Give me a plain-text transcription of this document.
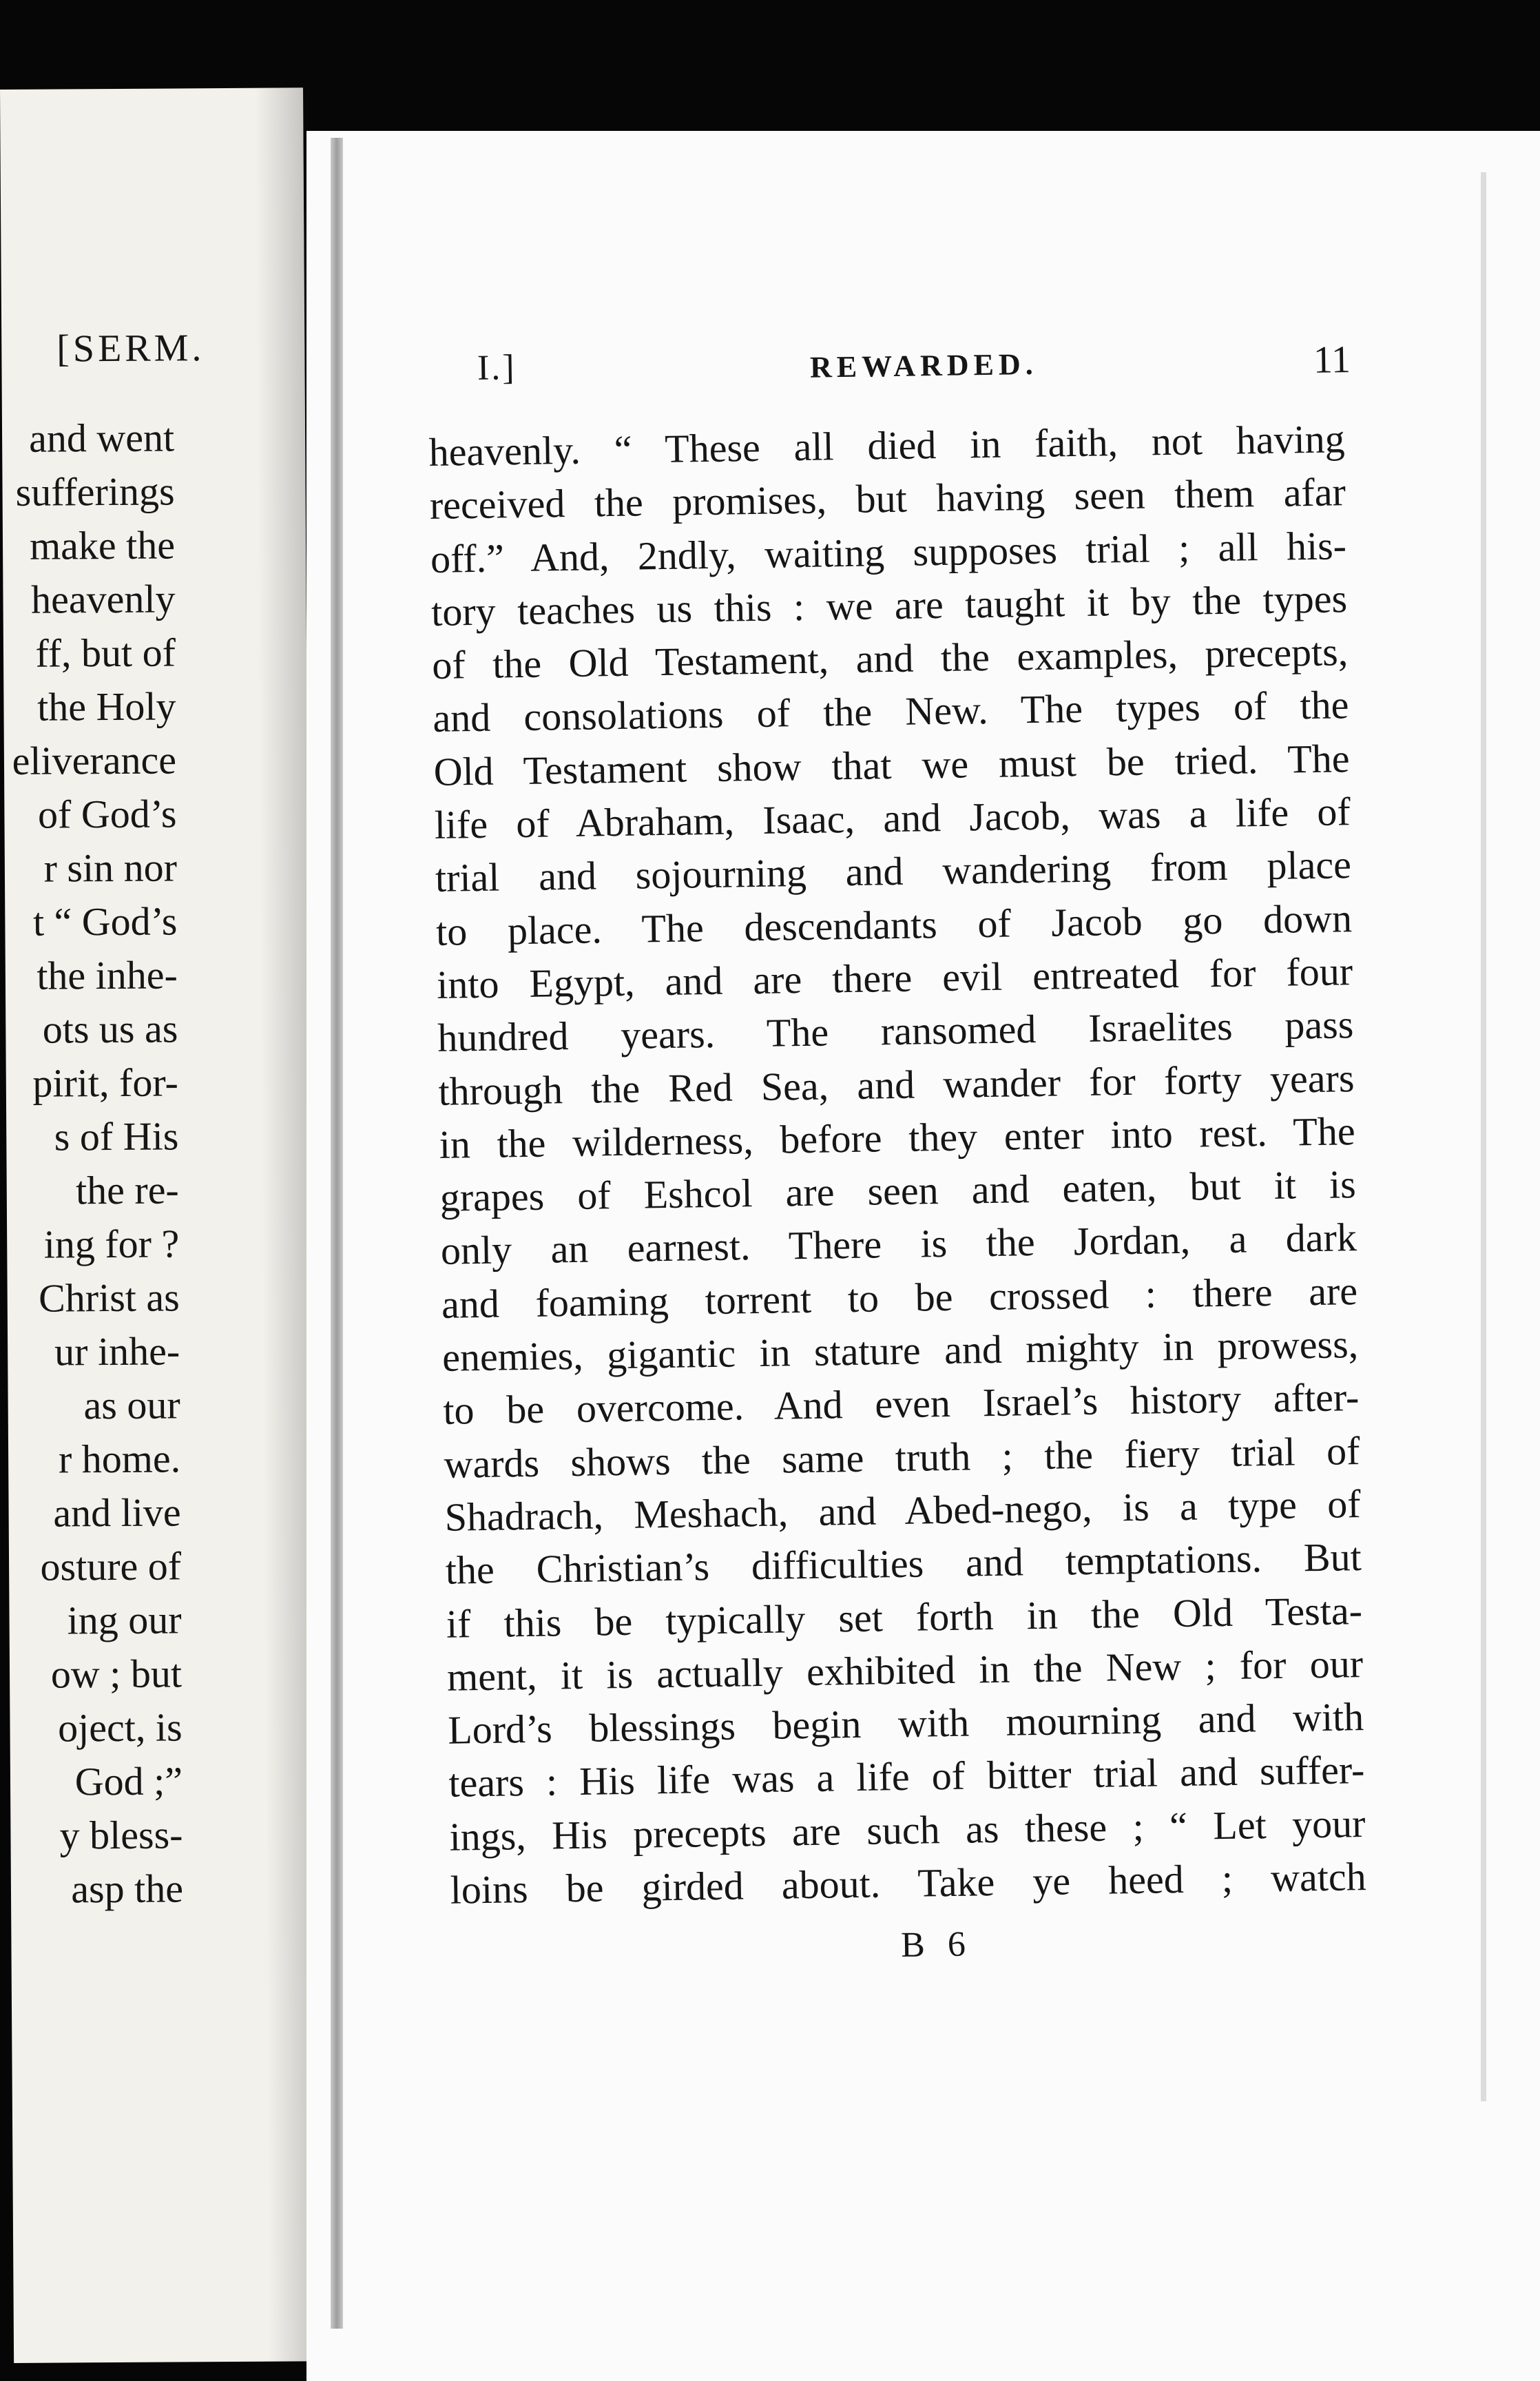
[SERM.
and went
sufferings
make the
heavenly
ff, but of
the Holy
eliverance
of God’s
r sin nor
t “ God’s
the inhe-
ots us as
pirit, for-
s of His
the re-
ing for ?
Christ as
ur inhe-
as our
r home.
and live
osture of
ing our
ow ; but
oject, is
God ;”
y bless-
asp the
I.]	REWARDED.	11
heavenly. “ These all died in faith, not having
received the promises, but having seen them afar
off.” And, 2ndly, waiting supposes trial ; all his-
tory teaches us this : we are taught it by the types
of the Old Testament, and the examples, precepts,
and consolations of the New. The types of the
Old Testament show that we must be tried. The
life of Abraham, Isaac, and Jacob, was a life of
trial and sojourning and wandering from place
to place. The descendants of Jacob go down
into Egypt, and are there evil entreated for four
hundred years. The ransomed Israelites pass
through the Red Sea, and wander for forty years
in the wilderness, before they enter into rest. The
grapes of Eshcol are seen and eaten, but it is
only an earnest. There is the Jordan, a dark
and foaming torrent to be crossed : there are
enemies, gigantic in stature and mighty in prowess,
to be overcome. And even Israel’s history after-
wards shows the same truth ; the fiery trial of
Shadrach, Meshach, and Abed-nego, is a type of
the Christian’s difficulties and temptations. But
if this be typically set forth in the Old Testa-
ment, it is actually exhibited in the New ; for our
Lord’s blessings begin with mourning and with
tears : His life was a life of bitter trial and suffer-
ings, His precepts are such as these ; “ Let your
loins be girded about. Take ye heed ; watch
B 6
